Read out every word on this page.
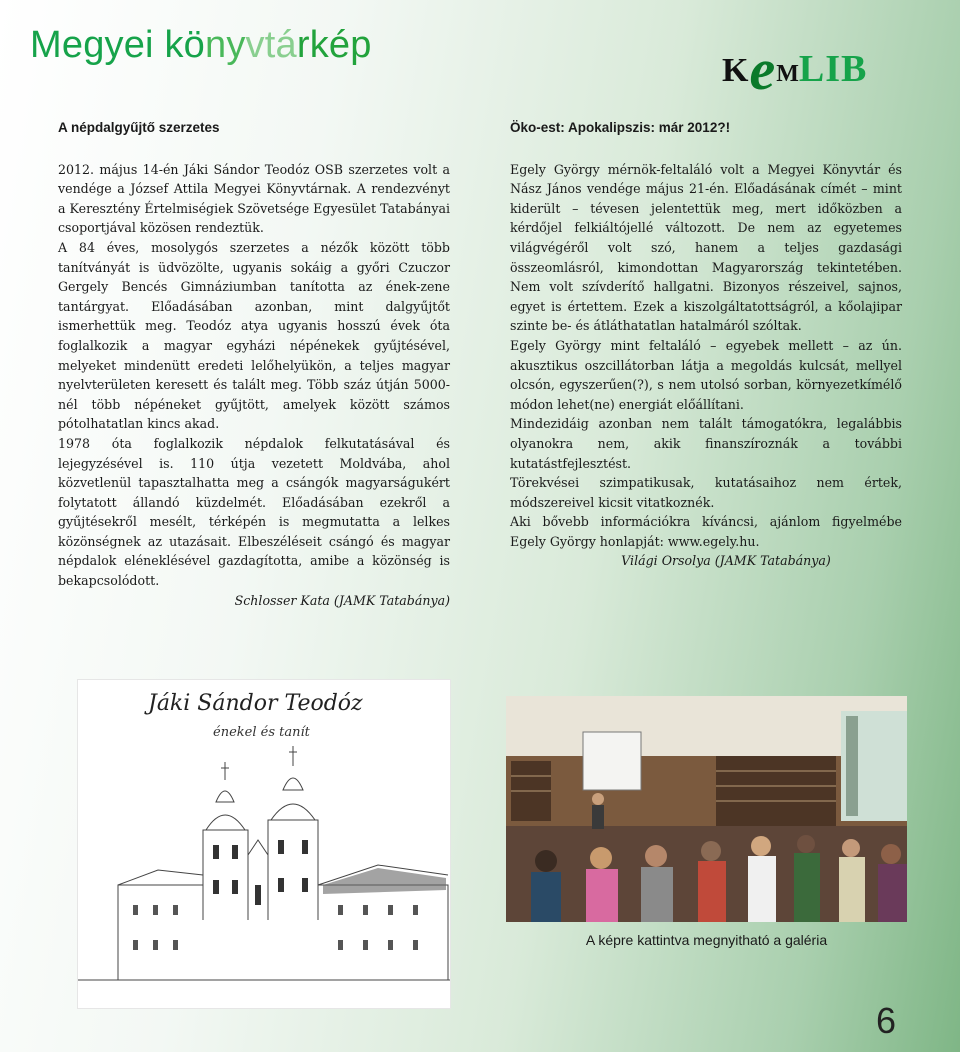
Megyei könyvtárkép
KeMLIB
A népdalgyűjtő szerzetes

2012. május 14-én Jáki Sándor Teodóz OSB szerzetes volt a vendége a József Attila Megyei Könyvtárnak. A rendezvényt a Keresztény Értelmiségiek Szövetsége Egyesület Tatabányai csoportjával közösen rendeztük.

A 84 éves, mosolygós szerzetes a nézők között több tanítványát is üdvözölte, ugyanis sokáig a győri Czuczor Gergely Bencés Gimnáziumban tanította az ének-zene tantárgyat. Előadásában azonban, mint dalgyűjtőt ismerhettük meg. Teodóz atya ugyanis hosszú évek óta foglalkozik a magyar egyházi népénekek gyűjtésével, melyeket mindenütt eredeti lelőhelyükön, a teljes magyar nyelvterületen keresett és talált meg. Több száz útján 5000-nél több népéneket gyűjtött, amelyek között számos pótolhatatlan kincs akad.

1978 óta foglalkozik népdalok felkutatásával és lejegyzésével is. 110 útja vezetett Moldvába, ahol közvetlenül tapasztalhatta meg a csángók magyarságukért folytatott állandó küzdelmét. Előadásában ezekről a gyűjtésekről mesélt, térképén is megmutatta a lelkes közönségnek az utazásait. Elbeszéléseit csángó és magyar népdalok eléneklésével gazdagította, amibe a közönség is bekapcsolódott.

Schlosser Kata (JAMK Tatabánya)

Öko-est: Apokalipszis: már 2012?!

Egely György mérnök-feltaláló volt a Megyei Könyvtár és Nász János vendége május 21-én. Előadásának címét – mint kiderült – tévesen jelentettük meg, mert időközben a kérdőjel felkiáltójellé változott. De nem az egyetemes világvégéről volt szó, hanem a teljes gazdasági összeomlásról, kimondottan Magyarország tekintetében. Nem volt szívderítő hallgatni. Bizonyos részeivel, sajnos, egyet is értettem. Ezek a kiszolgáltatottságról, a kőolajipar szinte be- és átláthatatlan hatalmáról szóltak.

Egely György mint feltaláló – egyebek mellett – az ún. akusztikus oszcillátorban látja a megoldás kulcsát, mellyel olcsón, egyszerűen(?), s nem utolsó sorban, környezetkímélő módon lehet(ne) energiát előállítani.

Mindezidáig azonban nem talált támogatókra, legalábbis olyanokra nem, akik finanszíroznák a további kutatástfejlesztést.

Törekvései szimpatikusak, kutatásaihoz nem értek, módszereivel kicsit vitatkoznék.

Aki bővebb információkra kíváncsi, ajánlom figyelmébe Egely György honlapját: www.egely.hu.

Világi Orsolya (JAMK Tatabánya)

Jáki Sándor Teodóz
énekel és tanít
A képre kattintva megnyitható a galéria
6
